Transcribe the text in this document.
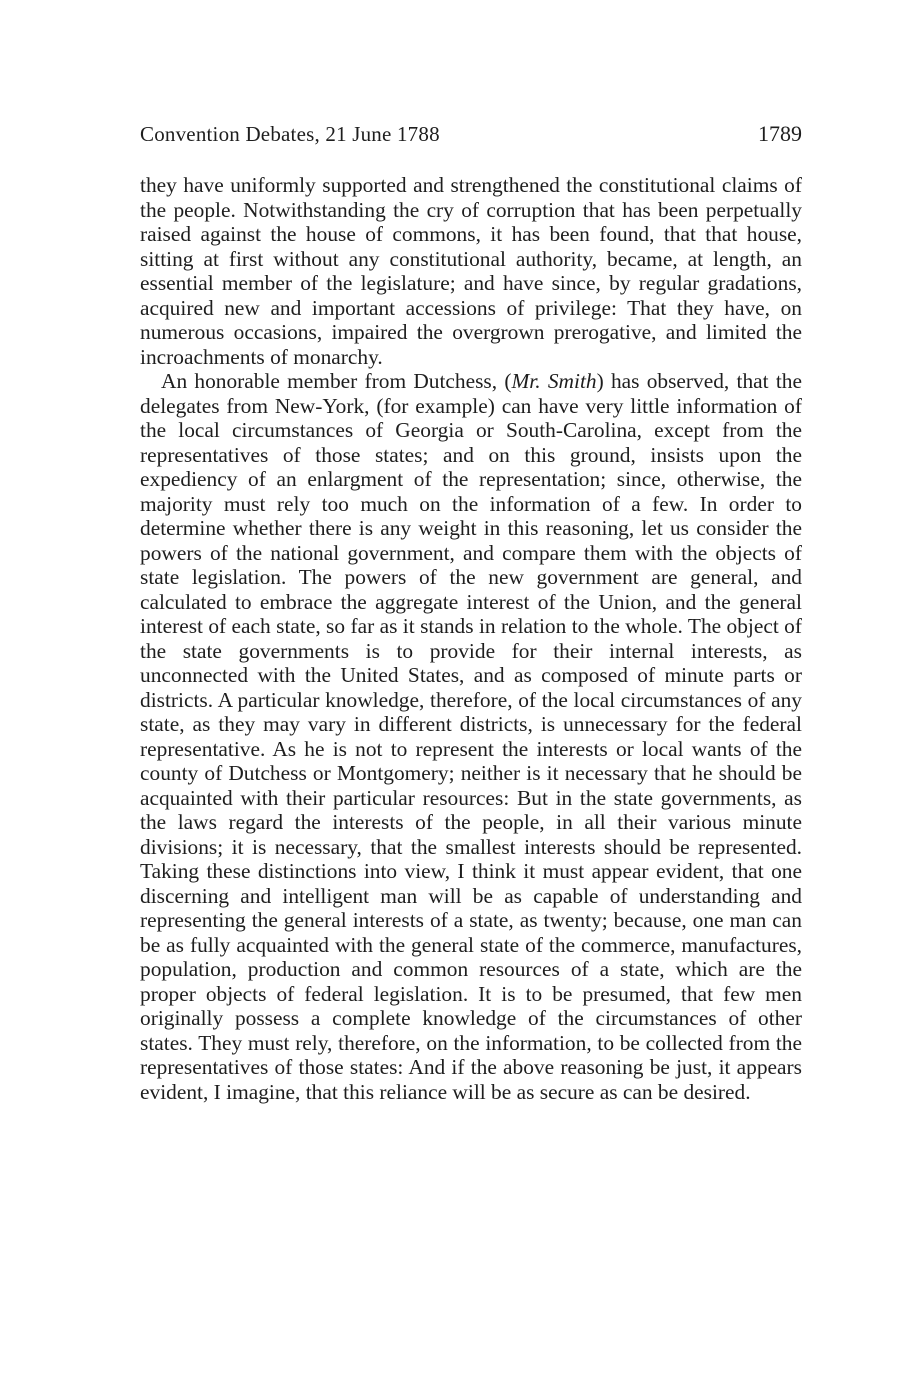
Convention Debates, 21 June 1788	1789

they have uniformly supported and strengthened the constitutional claims of the people. Notwithstanding the cry of corruption that has been perpetually raised against the house of commons, it has been found, that that house, sitting at first without any constitutional authority, became, at length, an essential member of the legislature; and have since, by regular gradations, acquired new and important accessions of privilege: That they have, on numerous occasions, impaired the overgrown prerogative, and limited the incroachments of monarchy.

An honorable member from Dutchess, (Mr. Smith) has observed, that the delegates from New-York, (for example) can have very little information of the local circumstances of Georgia or South-Carolina, except from the representatives of those states; and on this ground, insists upon the expediency of an enlargment of the representation; since, otherwise, the majority must rely too much on the information of a few. In order to determine whether there is any weight in this reasoning, let us consider the powers of the national government, and compare them with the objects of state legislation. The powers of the new government are general, and calculated to embrace the aggregate interest of the Union, and the general interest of each state, so far as it stands in relation to the whole. The object of the state governments is to provide for their internal interests, as unconnected with the United States, and as composed of minute parts or districts. A particular knowledge, therefore, of the local circumstances of any state, as they may vary in different districts, is unnecessary for the federal representative. As he is not to represent the interests or local wants of the county of Dutchess or Montgomery; neither is it necessary that he should be acquainted with their particular resources: But in the state governments, as the laws regard the interests of the people, in all their various minute divisions; it is necessary, that the smallest interests should be represented. Taking these distinctions into view, I think it must appear evident, that one discerning and intelligent man will be as capable of understanding and representing the general interests of a state, as twenty; because, one man can be as fully acquainted with the general state of the commerce, manufactures, population, production and common resources of a state, which are the proper objects of federal legislation. It is to be presumed, that few men originally possess a complete knowledge of the circumstances of other states. They must rely, therefore, on the information, to be collected from the representatives of those states: And if the above reasoning be just, it appears evident, I imagine, that this reliance will be as secure as can be desired.
